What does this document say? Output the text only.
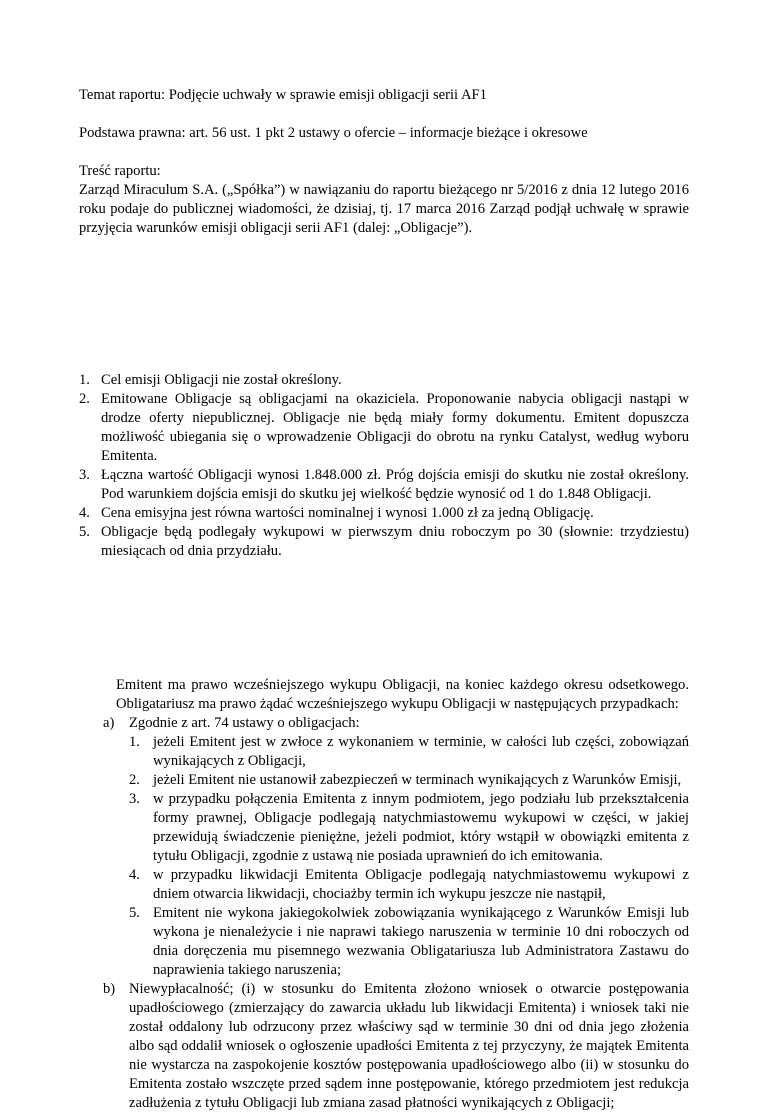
Temat raportu: Podjęcie uchwały w sprawie emisji obligacji serii AF1

Podstawa prawna: art. 56 ust. 1 pkt 2 ustawy o ofercie – informacje bieżące i okresowe

Treść raportu:

Zarząd Miraculum S.A. („Spółka”) w nawiązaniu do raportu bieżącego nr 5/2016 z dnia 12 lutego 2016 roku podaje do publicznej wiadomości, że dzisiaj, tj. 17 marca 2016 Zarząd podjął uchwałę w sprawie przyjęcia warunków emisji obligacji serii AF1 (dalej: „Obligacje”).

1. Cel emisji Obligacji nie został określony.
2. Emitowane Obligacje są obligacjami na okaziciela. Proponowanie nabycia obligacji nastąpi w drodze oferty niepublicznej. Obligacje nie będą miały formy dokumentu. Emitent dopuszcza możliwość ubiegania się o wprowadzenie Obligacji do obrotu na rynku Catalyst, według wyboru Emitenta.
3. Łączna wartość Obligacji wynosi 1.848.000 zł. Próg dojścia emisji do skutku nie został określony. Pod warunkiem dojścia emisji do skutku jej wielkość będzie wynosić od 1 do 1.848 Obligacji.
4. Cena emisyjna jest równa wartości nominalnej i wynosi 1.000 zł za jedną Obligację.
5. Obligacje będą podlegały wykupowi w pierwszym dniu roboczym po 30 (słownie: trzydziestu) miesiącach od dnia przydziału.

Emitent ma prawo wcześniejszego wykupu Obligacji, na koniec każdego okresu odsetkowego. Obligatariusz ma prawo żądać wcześniejszego wykupu Obligacji w następujących przypadkach:

a) Zgodnie z art. 74 ustawy o obligacjach:
1. jeżeli Emitent jest w zwłoce z wykonaniem w terminie, w całości lub części, zobowiązań wynikających z Obligacji,
2. jeżeli Emitent nie ustanowił zabezpieczeń w terminach wynikających z Warunków Emisji,
3. w przypadku połączenia Emitenta z innym podmiotem, jego podziału lub przekształcenia formy prawnej, Obligacje podlegają natychmiastowemu wykupowi w części, w jakiej przewidują świadczenie pieniężne, jeżeli podmiot, który wstąpił w obowiązki emitenta z tytułu Obligacji, zgodnie z ustawą nie posiada uprawnień do ich emitowania.
4. w przypadku likwidacji Emitenta Obligacje podlegają natychmiastowemu wykupowi z dniem otwarcia likwidacji, chociażby termin ich wykupu jeszcze nie nastąpił,
5. Emitent nie wykona jakiegokolwiek zobowiązania wynikającego z Warunków Emisji lub wykona je nienależycie i nie naprawi takiego naruszenia w terminie 10 dni roboczych od dnia doręczenia mu pisemnego wezwania Obligatariusza lub Administratora Zastawu do naprawienia takiego naruszenia;
b) Niewypłacalność; (i) w stosunku do Emitenta złożono wniosek o otwarcie postępowania upadłościowego (zmierzający do zawarcia układu lub likwidacji Emitenta) i wniosek taki nie został oddalony lub odrzucony przez właściwy sąd w terminie 30 dni od dnia jego złożenia albo sąd oddalił wniosek o ogłoszenie upadłości Emitenta z tej przyczyny, że majątek Emitenta nie wystarcza na zaspokojenie kosztów postępowania upadłościowego albo (ii) w stosunku do Emitenta zostało wszczęte przed sądem inne postępowanie, którego przedmiotem jest redukcja zadłużenia z tytułu Obligacji lub zmiana zasad płatności wynikających z Obligacji;
